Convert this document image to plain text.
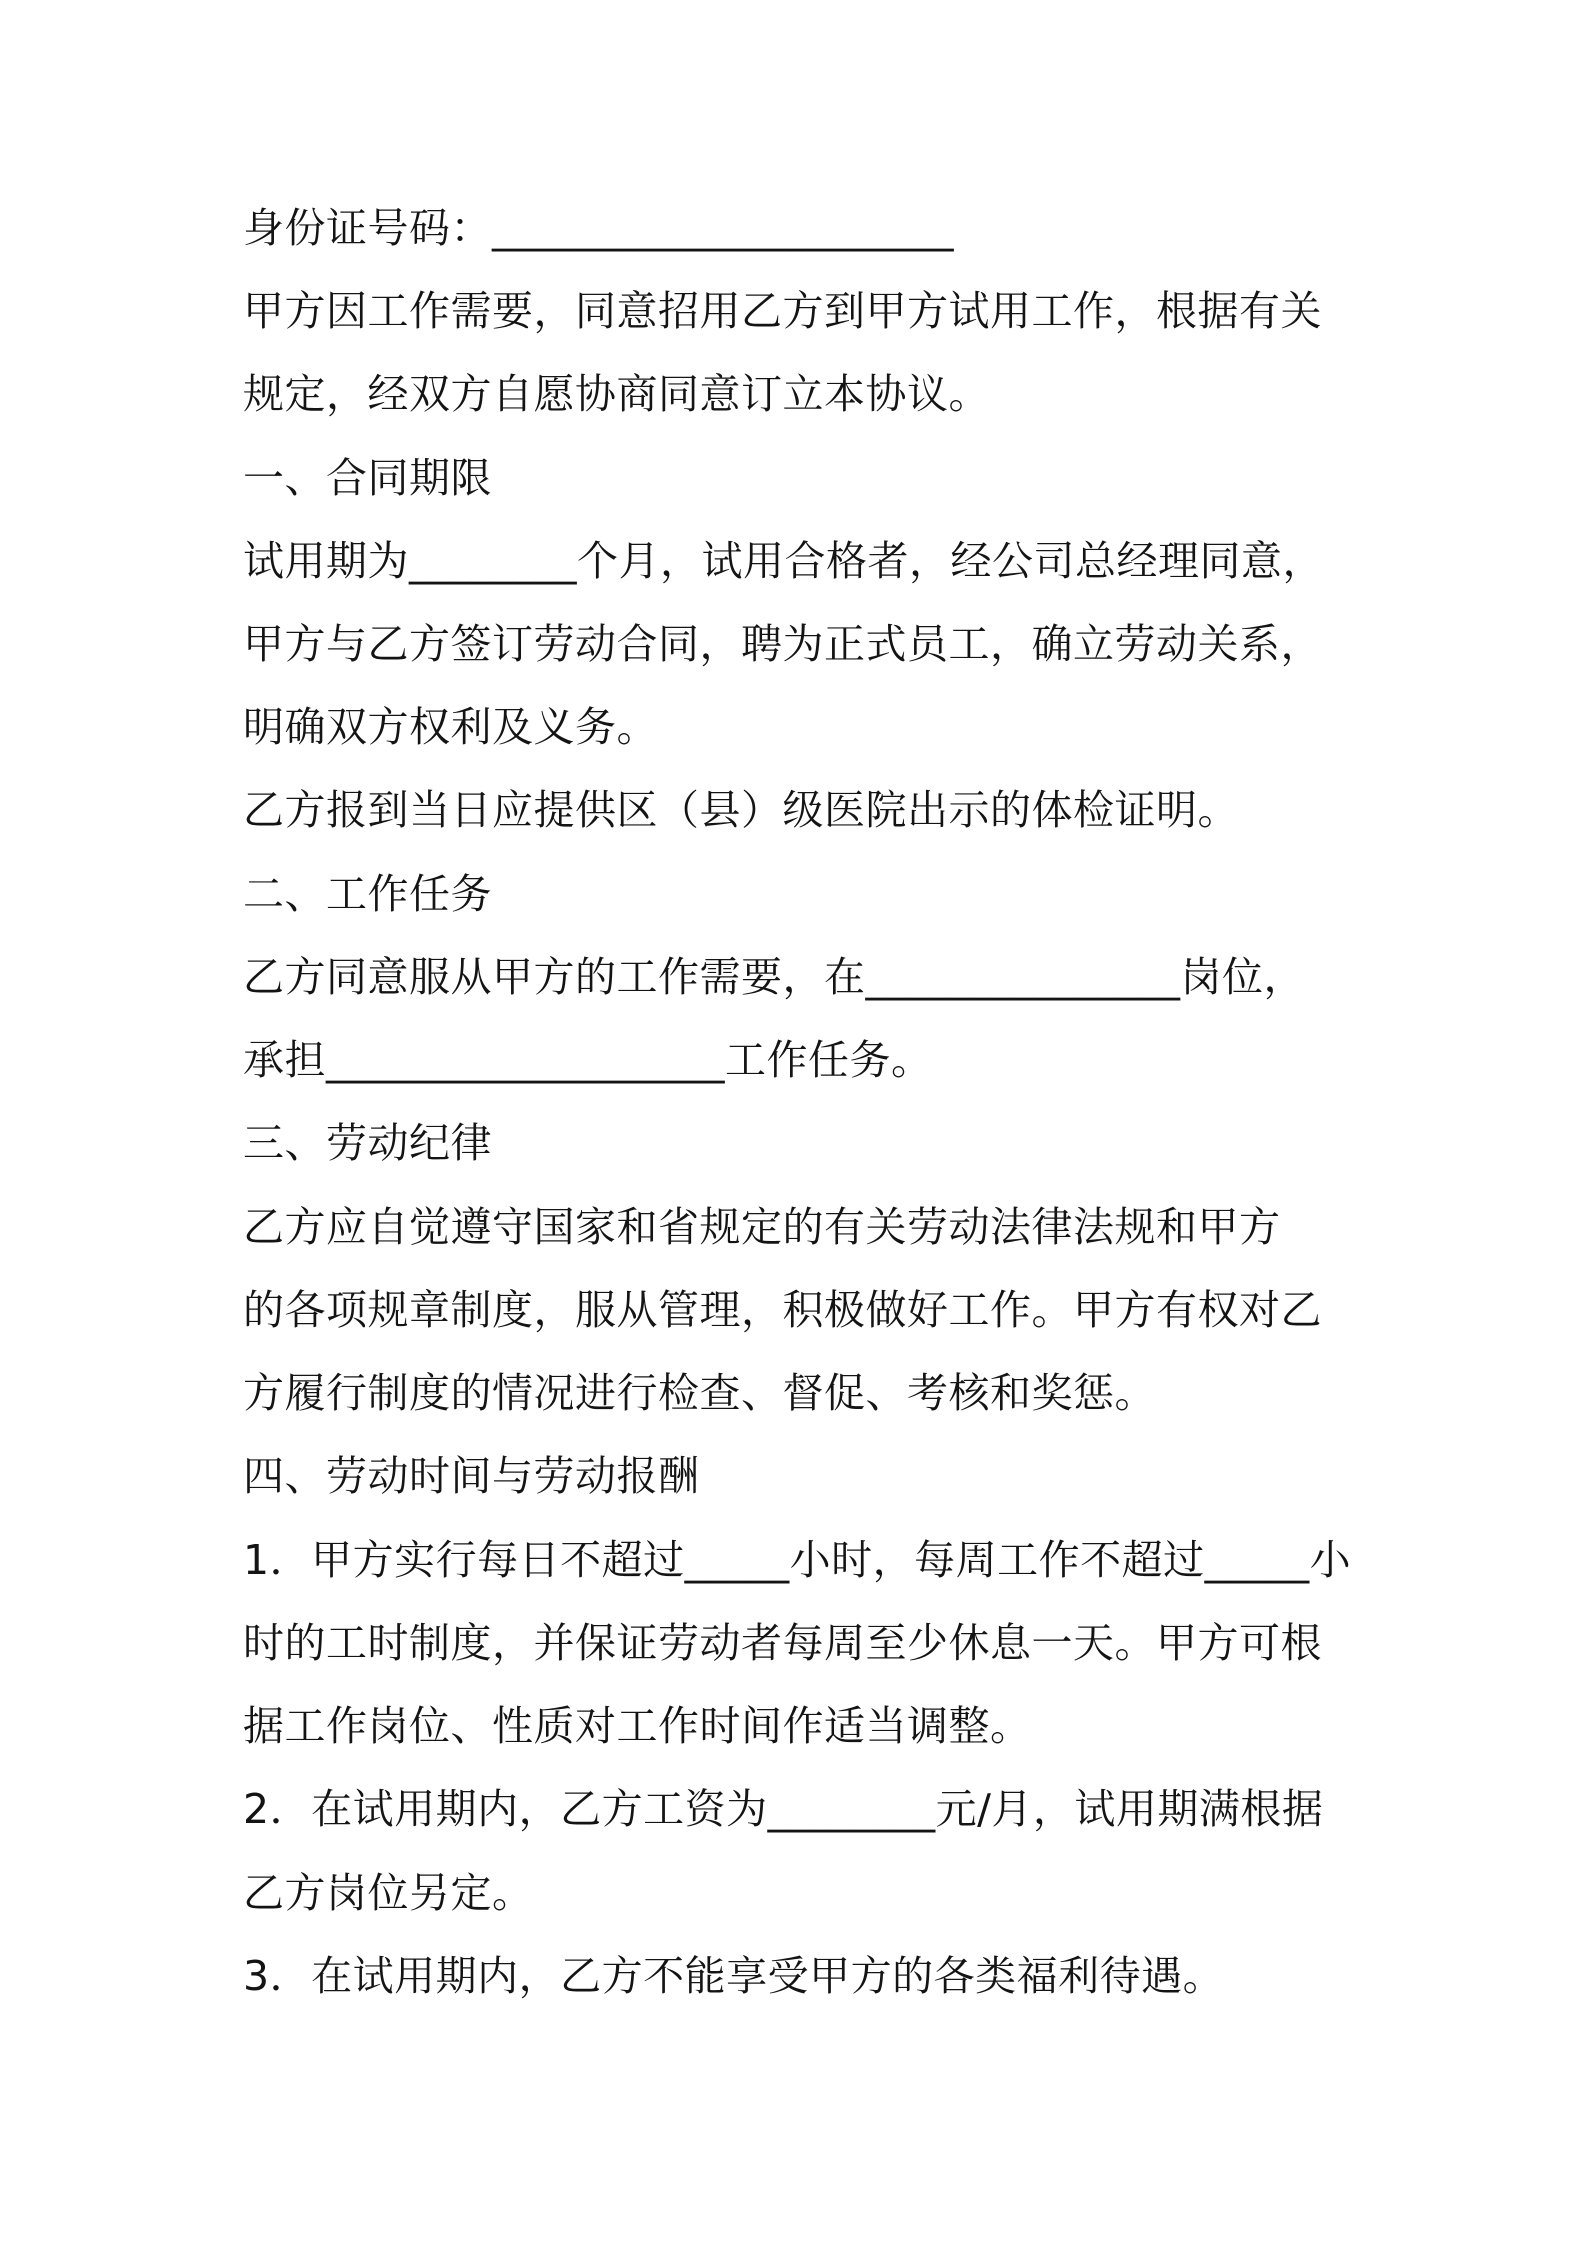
身份证号码：______________________
甲方因工作需要，同意招用乙方到甲方试用工作，根据有关
规定，经双方自愿协商同意订立本协议。
一、合同期限
试用期为________个月，试用合格者，经公司总经理同意，
甲方与乙方签订劳动合同，聘为正式员工，确立劳动关系，
明确双方权利及义务。
乙方报到当日应提供区（县）级医院出示的体检证明。
二、工作任务
乙方同意服从甲方的工作需要，在_______________岗位，
承担___________________工作任务。
三、劳动纪律
乙方应自觉遵守国家和省规定的有关劳动法律法规和甲方
的各项规章制度，服从管理，积极做好工作。甲方有权对乙
方履行制度的情况进行检查、督促、考核和奖惩。
四、劳动时间与劳动报酬
1．甲方实行每日不超过_____小时，每周工作不超过_____小
时的工时制度，并保证劳动者每周至少休息一天。甲方可根
据工作岗位、性质对工作时间作适当调整。
2．在试用期内，乙方工资为________元/月，试用期满根据
乙方岗位另定。
3．在试用期内，乙方不能享受甲方的各类福利待遇。
